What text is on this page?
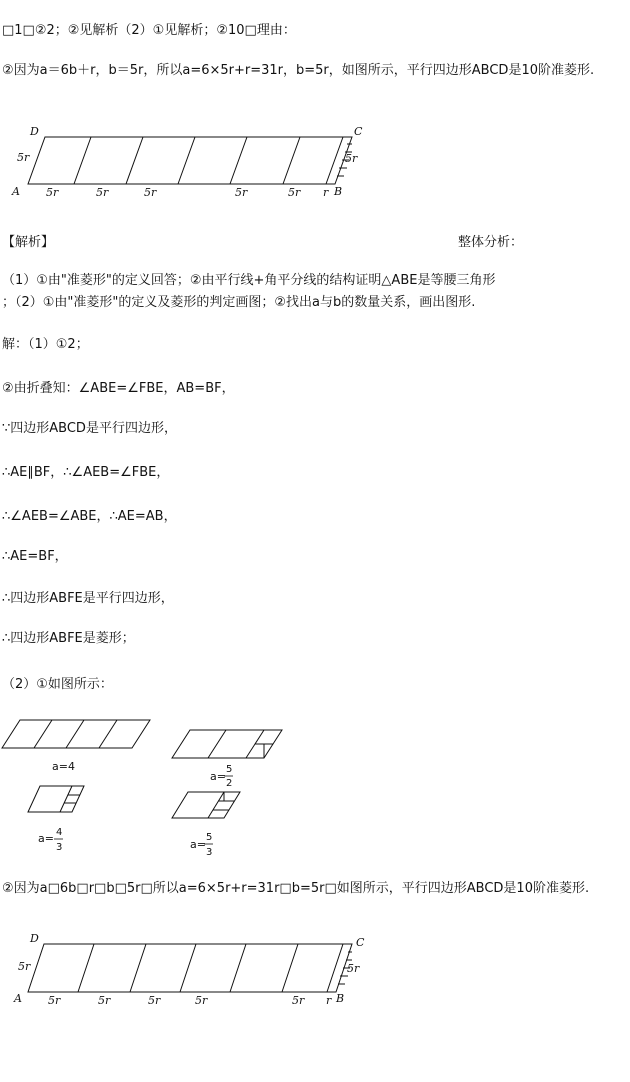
□1□②2；②见解析（2）①见解析；②10□理由：
②因为a＝6b＋r，b＝5r，所以a=6×5r+r=31r，b=5r，如图所示，平行四边形ABCD是10阶准菱形.
D	C
A	B
5r	5r
5r	5r	5r	5r	5r r
【解析】	整体分析：
（1）①由"准菱形"的定义回答；②由平行线+角平分线的结构证明△ABE是等腰三角形
；（2）①由"准菱形"的定义及菱形的判定画图；②找出a与b的数量关系，画出图形.
解：（1）①2；
②由折叠知：∠ABE=∠FBE，AB=BF，
∵四边形ABCD是平行四边形，
∴AE∥BF，∴∠AEB=∠FBE，
∴∠AEB=∠ABE，∴AE=AB，
∴AE=BF，
∴四边形ABFE是平行四边形，
∴四边形ABFE是菱形；
（2）①如图所示：
a=4
a= 4
3
a=
5
2
a=
5
3
②因为a□6b□r□b□5r□所以a=6×5r+r=31r□b=5r□如图所示，平行四边形ABCD是10阶准菱形.
D	C
A	B
5r	5r
5r	5r	5r	5r	5r r
